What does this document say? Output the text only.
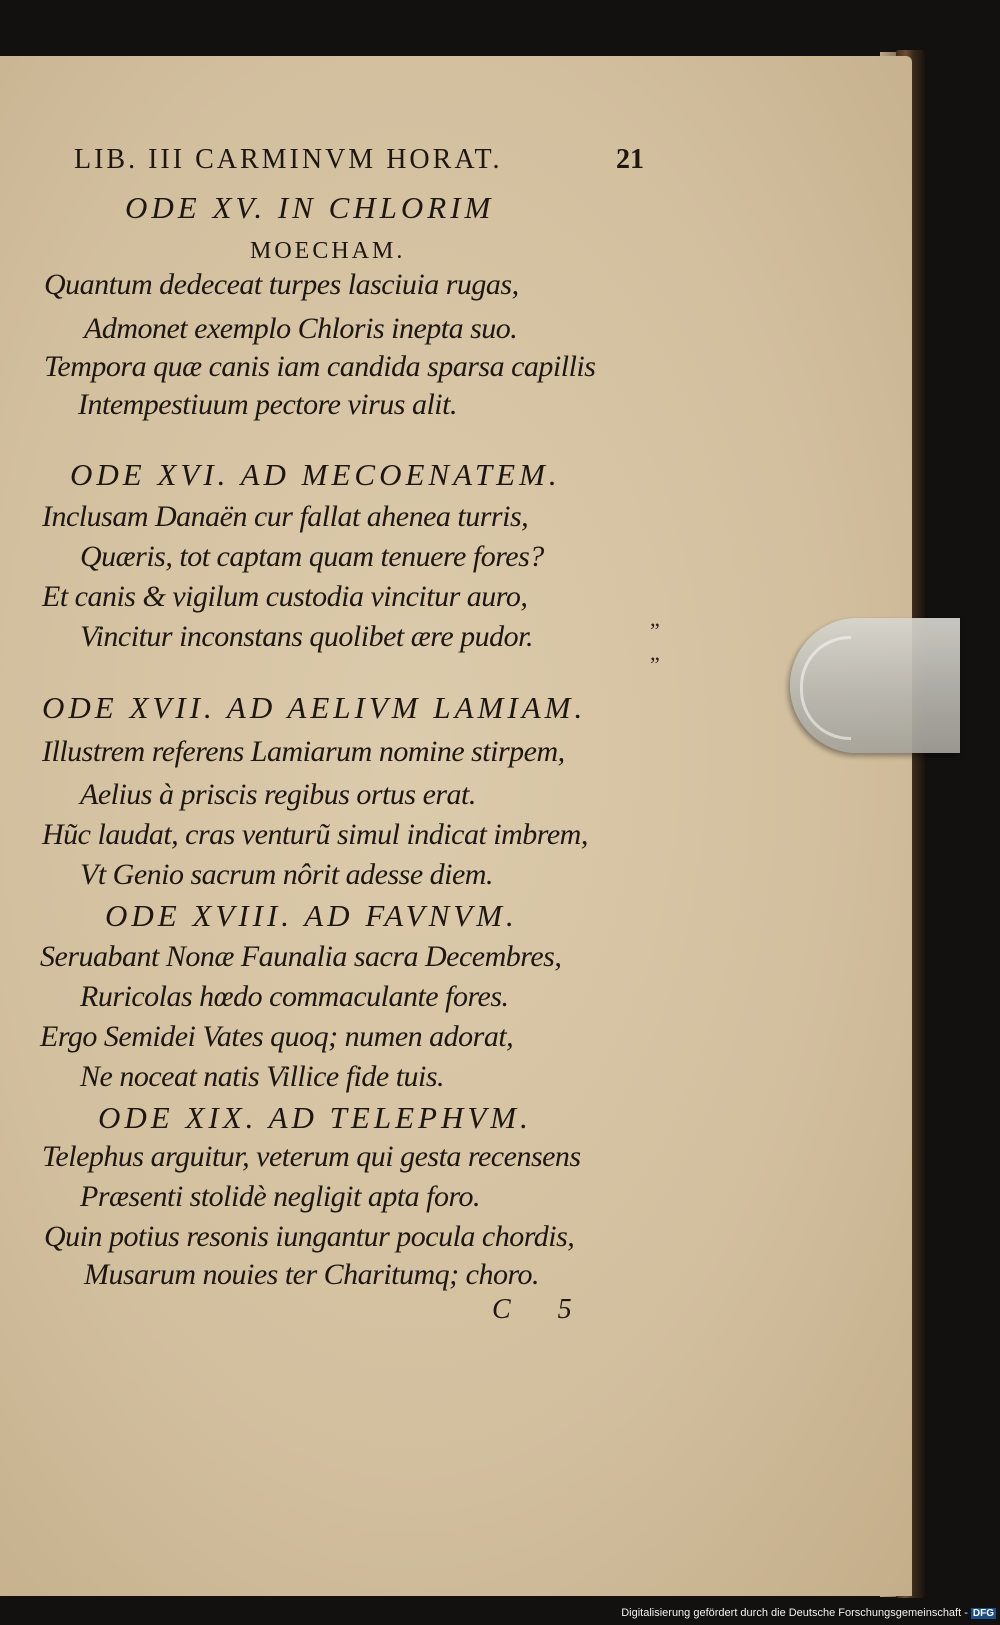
LIB. III CARMINVM HORAT.	21
ODE XV. IN CHLORIM
MOECHAM.
Quantum dedeceat turpes lasciuia rugas,
Admonet exemplo Chloris inepta suo.
Tempora quæ canis iam candida sparsa capillis
Intempestiuum pectore virus alit.
ODE XVI. AD MECOENATEM.
Inclusam Danaën cur fallat ahenea turris,
Quæris, tot captam quam tenuere fores?
Et canis & vigilum custodia vincitur auro,
Vincitur inconstans quolibet ære pudor.
ODE XVII. AD AELIVM LAMIAM.
Illustrem referens Lamiarum nomine stirpem,
Aelius à priscis regibus ortus erat.
Hũc laudat, cras venturũ simul indicat imbrem,
Vt Genio sacrum nôrit adesse diem.
ODE XVIII. AD FAVNVM.
Seruabant Nonæ Faunalia sacra Decembres,
Ruricolas hœdo commaculante fores.
Ergo Semidei Vates quoq; numen adorat,
Ne noceat natis Villice fide tuis.
ODE XIX. AD TELEPHVM.
Telephus arguitur, veterum qui gesta recensens
Præsenti stolidè negligit apta foro.
Quin potius resonis iungantur pocula chordis,
Musarum nouies ter Charitumq; choro.
C 5
”
”
Digitalisierung gefördert durch die Deutsche Forschungsgemeinschaft - DFG
